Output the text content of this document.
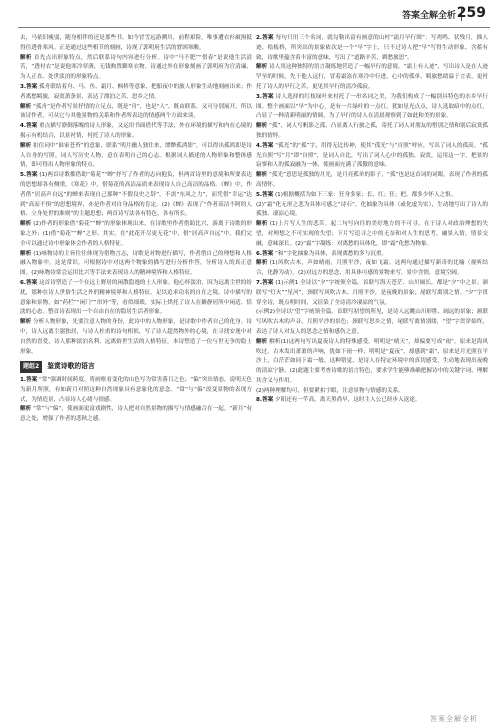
答案全解全析 259

去，马依旧瘦弱，随身相伴的还是那些书。如今冒雪远游溯川，前程艰险，唯事遭衣衫破损抵得住透骨寒风。正是通过这些相节的刻画，诗现了郭明府生活的窘困寒酸。

解析 首先点出形象特点，然后联系诗句内容进行分析。诗中“马不肥”“借春”是说他生活清苦，“透衬衣”是说他寒冷穿薄，无钱购置御寒衣物。诗通过外在形象刻画了郭明府为官清廉、为人正直、处世淡泊的形象特点。

3.答案 孤舟联结着舟、马、鱼、霜月、枫桥等意象，把船夜中的旅人形象生动地刻画出来；作者离愁羁旅，寂寞萧条景，表达了漂泊之苦、思乡之情。

解析 “孤舟”是作者写景抒情的立足点，既是“舟”，也是“人”，既由联系，又可分别展开。所以该诗作者，可从它与其他景物的关系和作者所表达的情感两个方面来谈。

4.答案 重点描写潦倒落魄的诗人形象，又运用书面借代等手法，外在环境的描写和内在心境的揭示有机结合，以景衬情，衬托了诗人的形象。

解析 扣住词中“谁家苍苔”的意象，联系“明月幽人独往来，缥缈孤鸿影”，可以得出孤鸿即是诗人自身的写照。词人写历史人物，意在表明自己的心志。根据词人描述的人物形象和整体感情，即可得出人物形象的特点。

5.答案 (1)两首诗歌都借助“菊花”“蝉”抒写了作者的志向抱负，但两首诗里的意境和所要表达的思想却各有侧重。《寒花》中，借菊花的高洁品质来表现诗人自己高洁的品格。《蝉》中，作者借“居高声自远”的蝉来表现自己那种“不假良史之辞”，不需“东风之力”，而凭借“幸运”达到“高而不惧”的思想境界，亦是作者对自身品格的肯定。(2)《蝉》表现了“作者高洁不阿的人格、立身处世的准则”的主题思想；两首诗写法各有特色，各有所长。

解析 (2)作者的形象借“菊花”“蝉”的形象体现出来，在诗歌里作者借助比兴，游离于诗歌的形象之外；(1)借“菊花”“蝉”之形、其实，在“此花开尽更无花”中，借“居高声自远”中，我们完全可以通过诗中形象体会作者的人格特征。

解析 (1)咏物诗的主旨往往体现为借物言志，诗歌是对物进行描写，作者借自己的理想和人格融入物象中，这是常识。可根据诗中对这两个物象的描写进行分析作答，分析诗人的真正意图。(2)咏物诗常会运用比兴等手法来表现诗人的精神境界和人格特征。

6.答案 这首诗塑造了一个在远上野居的闲散隐逸的士人形象。他心怀淡泊，因为远离尘世的纷扰，那种在诗人世俗生活之外的精神境界和人格特征，足以追求功名的自在之境。诗中描写的意象和景物，如“药栏”“闲门”“帘外”等，看似细琐，实际上烘托了诗人在僻静居所中闲适、恬淡的心态。整首诗表现出一个自由自在的隐居生活者形象。

解析 分析人物形象，先要注意人物的身份，此诗中的人物形象，是诗歌中作者自己的化身。诗中，诗人远离尘嚣独居，与诗人杜甫的诗句相似，写了诗人超然物外的心境，在寻找安逸中对自然的喜爱，诗人那种淡泊名利、远离俗世生活的人格特征。本诗塑造了一位与世无争的隐士形象。

题组2	鉴赏诗歌的语言

1.答案 “常”强调时间跨度，将画框看变化的山色写为常害落日之色；“偏”突出情态，说明天色为新月所照，有如新月对照这种自然现象具有意象化的意念。“常”与“偏”改变景物的表现方式，为情造景，凸显诗人心绪与情感。

解析 “常”与“偏”，使画面更富戏剧性，诗人把对自然景物的描写与情感融合在一起。“新月”有意之处，增强了作者的悲秋之感。

2.答案 每句只用三个名词，就勾勒出富有画意的山村“霜月早行图”：写鸡鸣、状残月，描人迹、绘板桥，所突出的景象依次是一个“早”字上，只不过诗人把“早”写得生动形象、含蓄有致，诗歌里蕴含着丰富的意味，写出了“道路辛苦，羁愁旅思”。

解析 诗人用这种独特的语言凝练地营造了一幅早行的意境，“霜上有人迹”，写出诗人是在人迹罕至的时候，先于他人远行，冒着霜冻在寒冷中行进，心中的孤单、羁旅愁绪溢于言表，更衬托了诗人的早行之苦，更见其早行的清冷孤寂。

3.答案 诗人选择的红枝绿叶来衬托了一串名词之美，为我们构成了一幅别具特色的水乡早行图。整个画面以“早”为中心，是有一片绿叶的一点红，犹如星光点点，诗人选取暗中的点红，凸显了一种清新明丽的情调，为了早行的诗人在清晨观察到了如此和美的景象。

解析 “孤”，词人写帆影之孤，凸显离人行旅之孤，寄托了词人对朋友的惜别之情和别后寂寞孤独的情怀。

4.答案 “孤光”的“孤”字，用得无比传神，使其“孤光”与“自照”呼应，写出了词人的孤高。“孤光自照”写“月”即“自照”，是词人自比，写出了词人心中的孤独、寂寞。运用这一字，把景的寂寥和人的孤寂融为一体，使画面充满了孤傲的意味。

解析 “孤光”意思是孤独的月光，是月亮孤单的影子，“孤”也是这首词的词眼，表现了作者的孤高情怀。

5.答案 (1)根据概括为如下三家：狂身多家；长、红；狂；把、都多少怀人之恨。

(2)“霜”化无形之悲为具体可感之“诗石”，化抽象为具体（或化虚为实），生动地写出了诗人的孤独、凄凉心境。

解析 (1)上片写人生的悲苦。起二句写向往的美好地方的不可寻，在于诗人对政治理想的失望，对理想之不可实现的失望；下片写追寻之中的无奈和对人生的思考，融景入情，情景交融，意味深长。(2)“霜”字凝练：对离愁的具体化，即“霜”化愁为物象。

6.答案 “和”字化抽象为具体，表现离愁的多与沉重。

解析 (1)风吹古木，声如晴雨，月照平沙，夜如飞霜。这两句通过描写新奇的比喻（视听结合，化静为动）。(2)对远方的思念，用具体可感的景物来写，景中含情，意境空阔。

7.答案 (1)示例1 全诗以“夕”字统领全篇。首联写海天苍茫、山川阔长，都是“夕”中之景；颔联写“灯火”“星河”，颈联写风吹古木、月照平沙，是夜晚的景象；尾联写离别之情。“夕”字贯穿全诗，既点明时间，又渲染了全诗清冷凄凉的气氛。

(示例2)全诗以“望”字统领全篇。首联写初望的所见，是诗人远眺山川形胜、阔远的景象；颔联写风吹古木的声音、月照平沙的景色；颈联写思乡之情，尾联写离情别绪，“望”字贯穿始终，表达了诗人对友人的思念之情和感伤之意。

解析 解析(1)这两句写出夏夜诗人的特殊感受。明明是“晴天”，却偏要写成“雨”，原来是海风吹过，古木发出萧萧的声响，犹如下雨一样；明明是“夏夜”，却感到“霜”，原来是月光照在平沙上，白茫茫如同下霜一般。这种错觉，是诗人在特定环境中的真切感受，生动地表现出夜晚的清凉宁静。(2)此题主要考查诗歌的语言特色，要求学生能够准确把握诗中的关键字词，理解其含义与作用。

(2)两种理解均可，但要紧扣字眼，注意景物与情感的关系。

8.答案 夕阳还有一竿高，离天黑尚早，这时主人公已经步入返途。

答案全解全析
